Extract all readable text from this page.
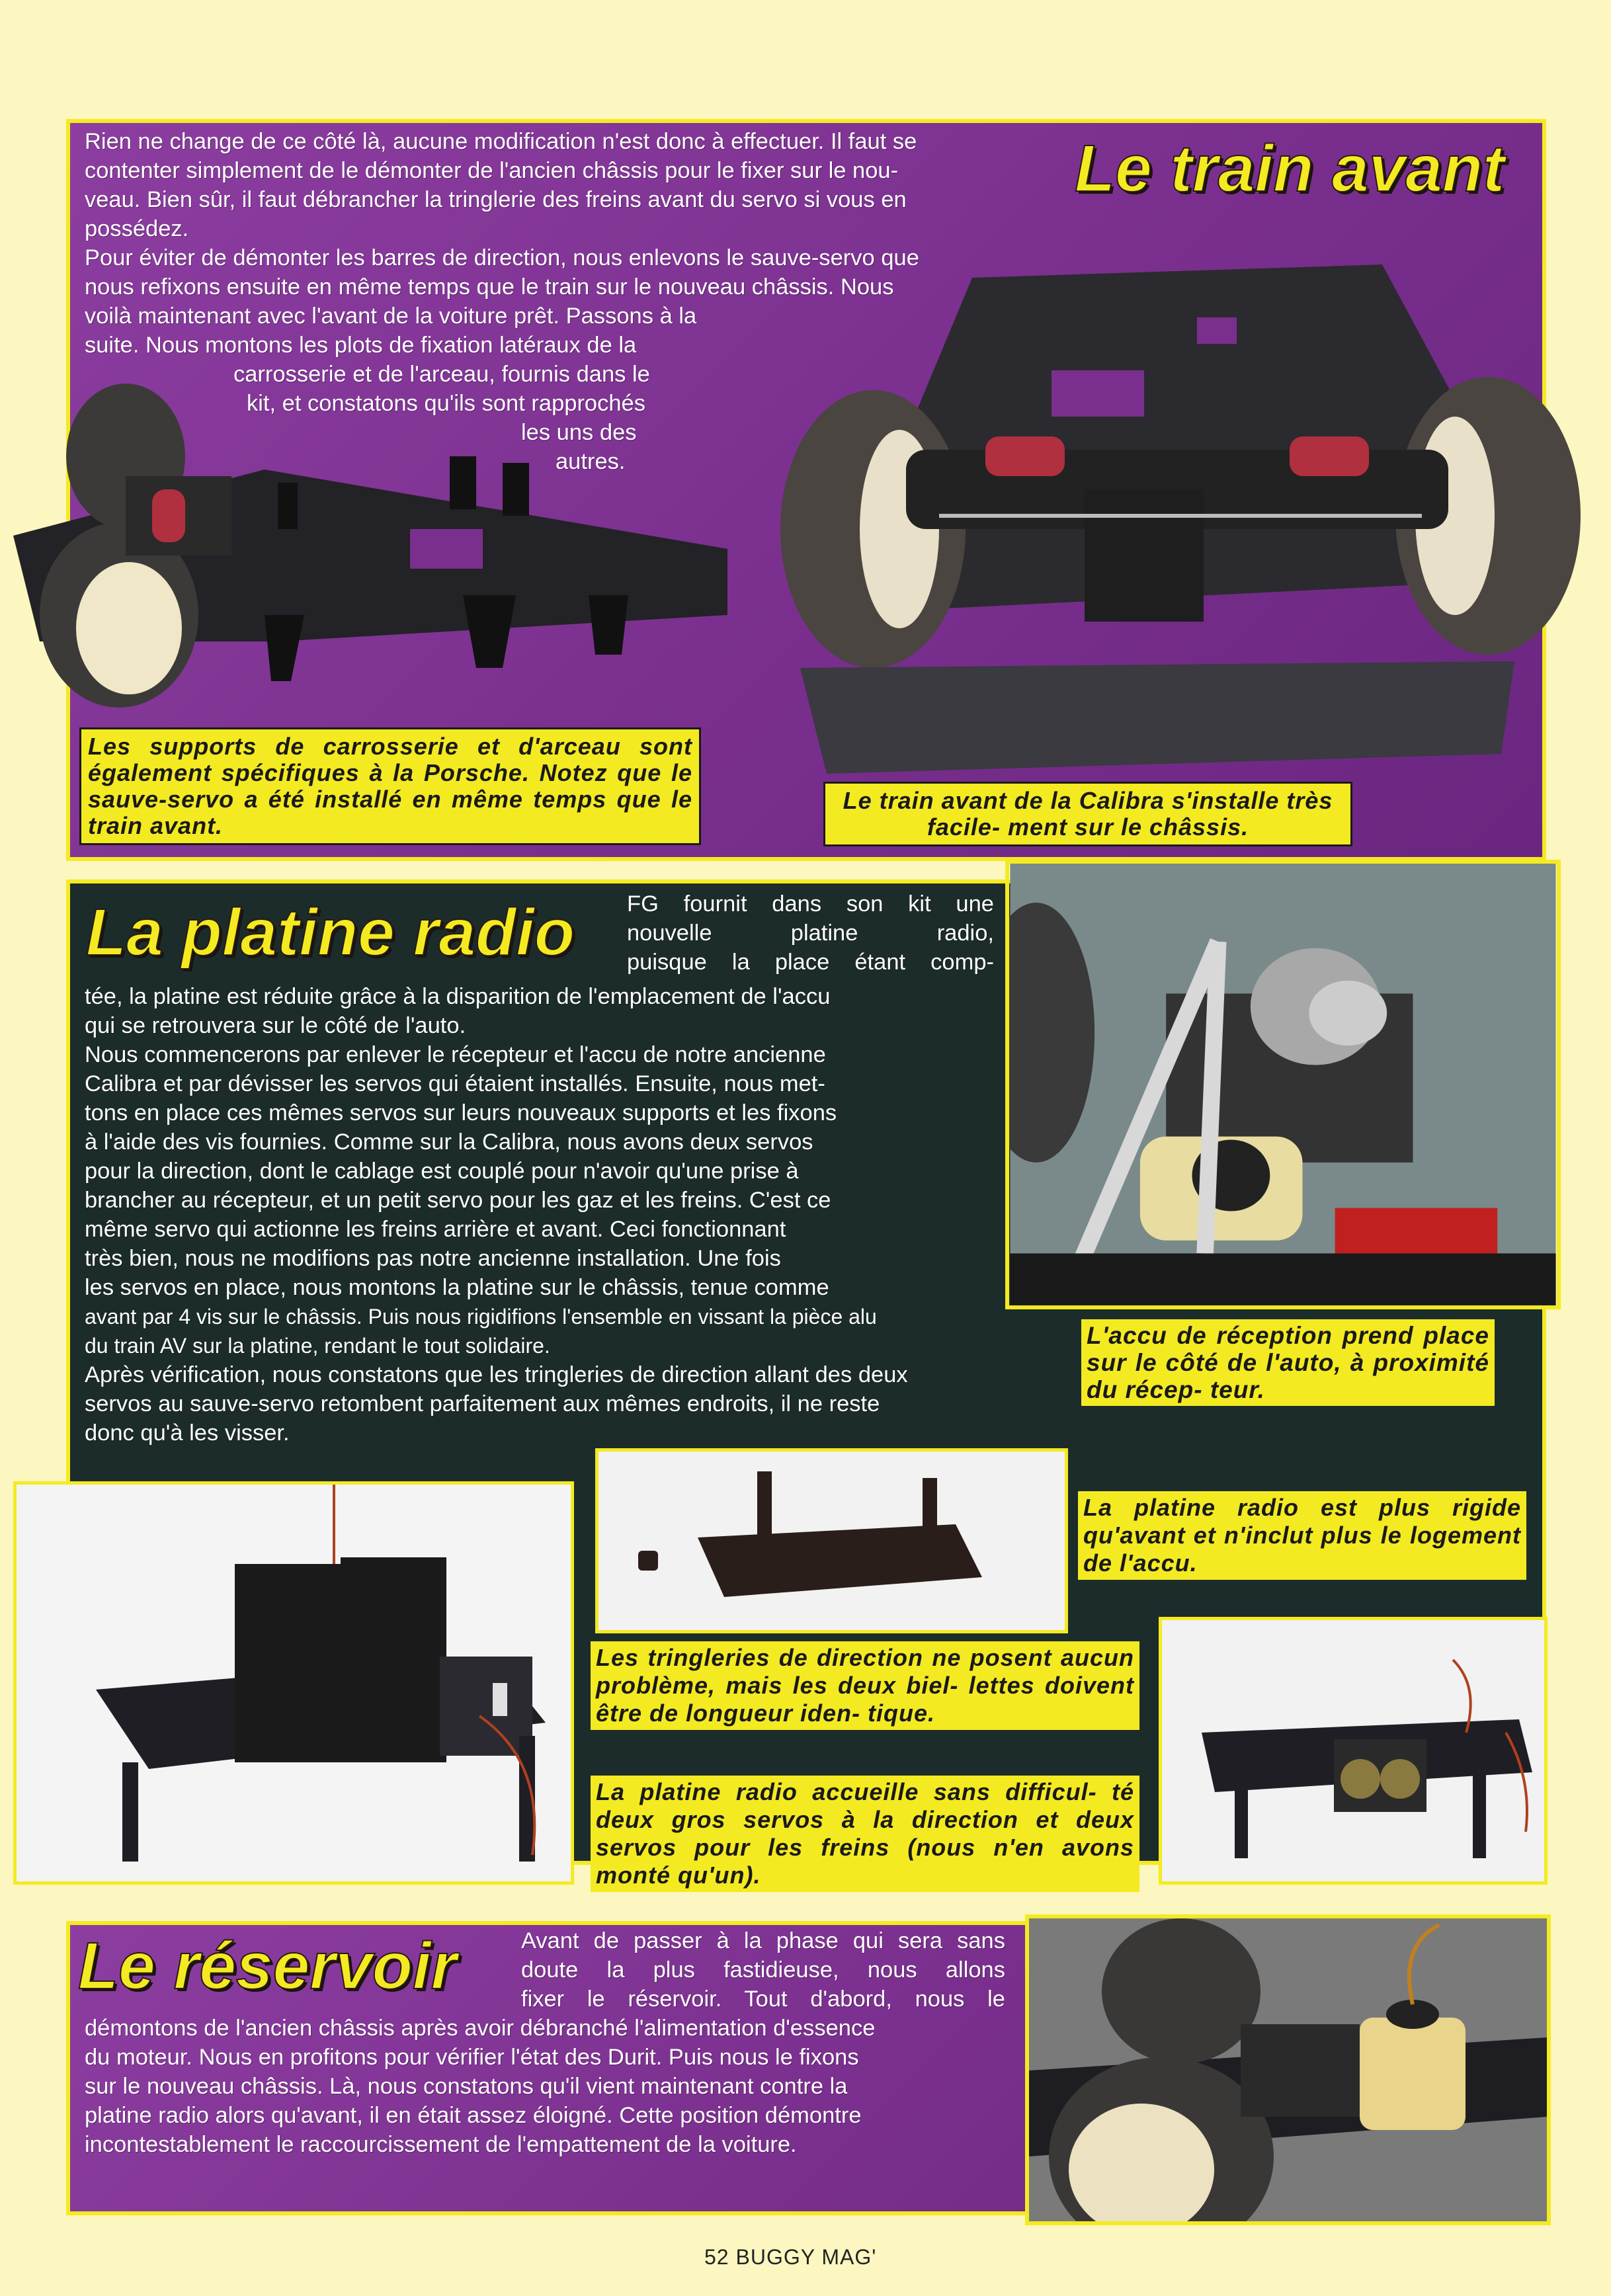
Le train avant

Rien ne change de ce côté là, aucune modification n'est donc à effectuer. Il faut se

contenter simplement de le démonter de l'ancien châssis pour le fixer sur le nou-

veau. Bien sûr, il faut débrancher la tringlerie des freins avant du servo si vous en

possédez.

Pour éviter de démonter les barres de direction, nous enlevons le sauve-servo que

nous refixons ensuite en même temps que le train sur le nouveau châssis. Nous

voilà maintenant avec l'avant de la voiture prêt. Passons à la

suite. Nous montons les plots de fixation latéraux de la

carrosserie et de l'arceau, fournis dans le

kit, et constatons qu'ils sont rapprochés

les uns des

autres.

Les supports de carrosserie et d'arceau sont également spécifiques à la Porsche. Notez que le sauve-servo a été installé en même temps que le train avant.
Le train avant de la Calibra s'installe très facile- ment sur le châssis.
La platine radio FG fournit dans son kit une

nouvelle platine radio,

puisque la place étant comp-

tée, la platine est réduite grâce à la disparition de l'emplacement de l'accu

qui se retrouvera sur le côté de l'auto.

Nous commencerons par enlever le récepteur et l'accu de notre ancienne

Calibra et par dévisser les servos qui étaient installés. Ensuite, nous met-

tons en place ces mêmes servos sur leurs nouveaux supports et les fixons

à l'aide des vis fournies. Comme sur la Calibra, nous avons deux servos

pour la direction, dont le cablage est couplé pour n'avoir qu'une prise à

brancher au récepteur, et un petit servo pour les gaz et les freins. C'est ce

même servo qui actionne les freins arrière et avant. Ceci fonctionnant

très bien, nous ne modifions pas notre ancienne installation. Une fois

les servos en place, nous montons la platine sur le châssis, tenue comme

avant par 4 vis sur le châssis. Puis nous rigidifions l'ensemble en vissant la pièce alu

du train AV sur la platine, rendant le tout solidaire.

Après vérification, nous constatons que les tringleries de direction allant des deux

servos au sauve-servo retombent parfaitement aux mêmes endroits, il ne reste

donc qu'à les visser.

L'accu de réception prend place sur le côté de l'auto, à proximité du récep- teur.
La platine radio est plus rigide qu'avant et n'inclut plus le logement de l'accu.
Les tringleries de direction ne posent aucun problème, mais les deux biel- lettes doivent être de longueur iden- tique.
La platine radio accueille sans difficul- té deux gros servos à la direction et deux servos pour les freins (nous n'en avons monté qu'un).
Le réservoir	Avant de passer à la phase qui sera sans

doute la plus fastidieuse, nous allons

fixer le réservoir. Tout d'abord, nous le

démontons de l'ancien châssis après avoir débranché l'alimentation d'essence

du moteur. Nous en profitons pour vérifier l'état des Durit. Puis nous le fixons

sur le nouveau châssis. Là, nous constatons qu'il vient maintenant contre la

platine radio alors qu'avant, il en était assez éloigné. Cette position démontre

incontestablement le raccourcissement de l'empattement de la voiture.

52 BUGGY MAG'
